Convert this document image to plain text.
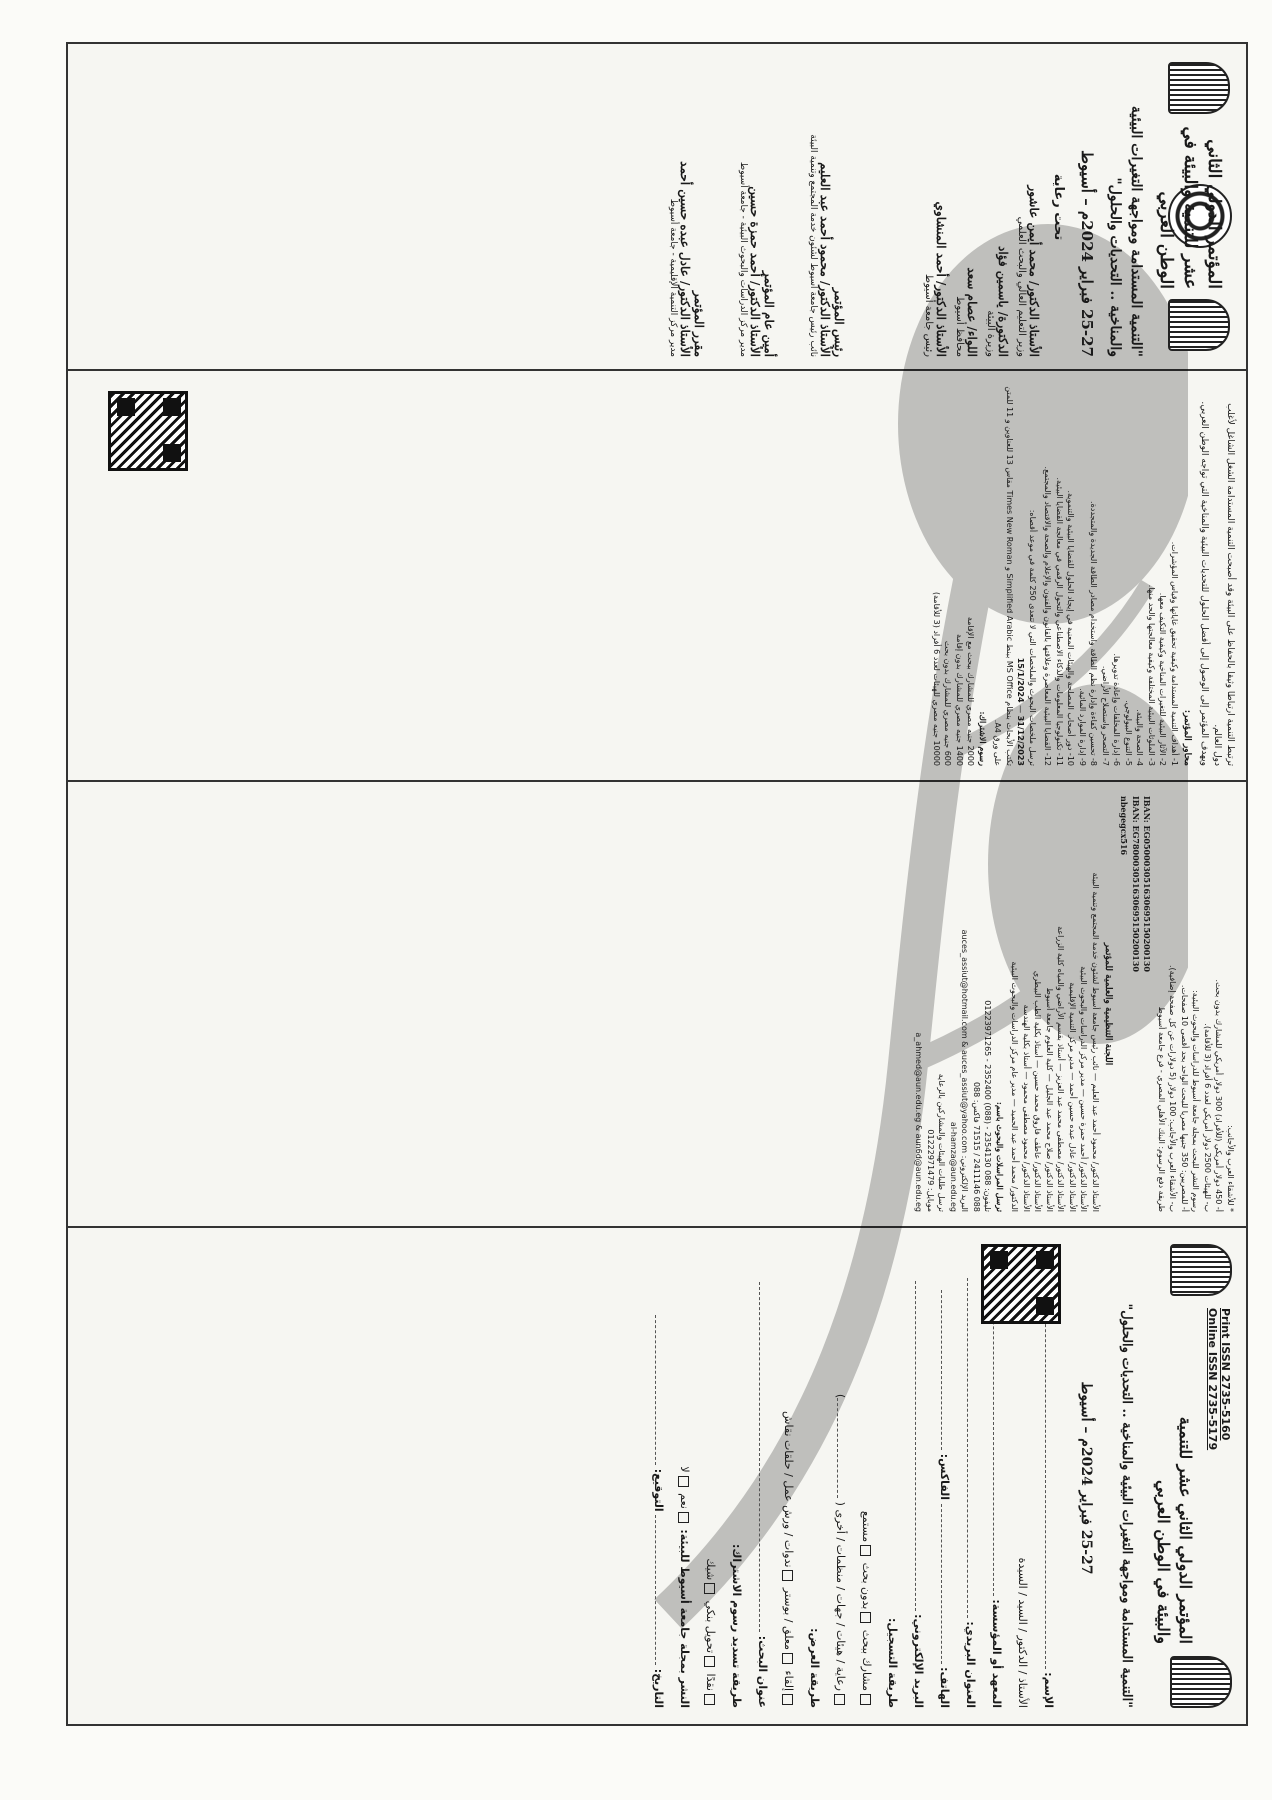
المؤتمر الدولي الثاني عشر للتنمية والبيئة في الوطن العربي
"التنمية المستدامة ومواجهة التغيرات البيئية والمناخية .. التحديات والحلول"
25-27 فبراير 2024م – أسيوط
تحت رعاية
الأستاذ الدكتور/ محمد أيمن عاشور
وزير التعليم العالي والبحث العلمي
الدكتورة/ ياسمين فؤاد
وزيرة البيئة
اللواء/ عصام سعد
محافظ أسيوط
الأستاذ الدكتور/ أحمد المنشاوي
رئيس جامعة أسيوط
رئيس المؤتمر
الأستاذ الدكتور/ محمود أحمد عبد العليم
نائب رئيس جامعة أسيوط لشئون خدمة المجتمع وتنمية البيئة
أمين عام المؤتمر
الأستاذ الدكتور/ أحمد حمزة حسين
مدير مركز الدراسات والبحوث البيئية - جامعة أسيوط
مقرر المؤتمر
الأستاذ الدكتور/ عادل عبده حسين أحمد
مدير مركز التنمية الإقليمية - جامعة أسيوط

ترتبط التنمية ارتباطا وثيقا بالحفاظ على البيئة وقد أصبحت التنمية المستدامة الشغل الشاغل لأغلب دول العالم.

ويهدف المؤتمر إلى الوصول إلى أفضل الحلول للتحديات البيئية والمناخية التي تواجه الوطن العربي.

محاور المؤتمر:

1- أهداف التنمية المستدامة وكيفية تحقيق غاياتها وقياس المؤشرات.

2- الآثار البيئية للتغيرات المناخية وكيفية التكيف معها.

3- الملوثات البيئية المختلفة وكيفية معالجتها والحد منها.

4- الصحة والبيئة.

5- التنوع البيولوجي.

6- إدارة المخلفات وإعادة تدويرها.

7- التصحر واستصلاح الأراضي.

8- تحسين كفاءة وإدارة نظم الطاقة واستخدام مصادر الطاقة الجديدة والمتجددة.

9- إدارة الموارد المائية.

10- دور أصحاب المصلحة والهيئات المعنية في إيجاد الحلول للقضايا البيئية والتنموية.

11- تكنولوجيا المعلومات والذكاء الاصطناعي والتحول الرقمي في معالجة القضايا البيئية.

12- القضايا البيئية المعاصرة وعلاقتها بالقانون والفنون والإعلام والصحة والاقتصاد والمجتمع.

ترسل ملخصات البحوث والملخصات التي لا تتعدى 250 كلمة في موعد أقصاه:

31/12/2023 — 15/1/2024

تكتب الأبحاث بنظام MS Office ببنط Simplified Arabic و Times New Roman مقاس 13 للعناوين و 11 للمتن على ورق A4.

رسوم الاشتراك:

2000 جنيه مصري للمشارك ببحث مع الإقامة

1400 جنيه مصري للمشارك بدون إقامة

600 جنيه مصري للمشارك بدون بحث

10000 جنيه مصري للهيئات لعدد 6 أفراد (3 للأقامة)

* للأشقاء العرب والأجانب:

أ- 450 دولار أمريكي (للأفراد) 300 دولار أمريكي للمشارك بدون بحث.

ب- للهيئات 2500 دولار أمريكي لعدد 6 أفراد (3 للأقامة).

رسوم النشر للبحث بمجلة جامعة أسيوط للدراسات والبحوث البيئية:

أ- للمصريين: 350 جنيها مصريا للبحث الواحد بحد أقصى 10 صفحات.

ب- الأشقاء العرب والأجانب: 100 دولار (5 دولارات عن كل صفحة إضافية).

طريقة دفع الرسوم: البنك الأهلي المصري - فرع جامعة أسيوط

IBAN: EG050003051630695150200130

IBAN: EG780003051630695150200130

nbegegcx516

اللجنة التنظيمية والعلمية للمؤتمر

الأستاذ الدكتور/ محمود أحمد عبد العليم — نائب رئيس جامعة أسيوط لشئون خدمة المجتمع وتنمية البيئة

الأستاذ الدكتور/ أحمد حمزة حسين — مدير مركز الدراسات والبحوث البيئية

الأستاذ الدكتور/ عادل عبده حسين أحمد — مدير مركز التنمية الإقليمية

الأستاذ الدكتور/ مصطفى محمد عبد العزيز — أستاذ بقسم الأراضي والمياه كلية الزراعة

الأستاذ الدكتور/ صلاح محمد عبد الجليل — كلية العلوم جامعة أسيوط

الأستاذ الدكتور/ عاطف فاروق محمد حسين — أستاذ بكلية الطب البيطري

الأستاذ الدكتور/ محمود مصطفى محمود — أستاذ بكلية الهندسة

الدكتور/ محمد أحمد عبد الحميد — مدير عام مركز الدراسات والبحوث البيئية

ترسل المراسلات والبحوث باسم:

تليفون: 088 2354130 - (088) 2352400 - 01223971265

088 2411146 / 71515 فاكس: 088

البريد الإلكتروني: auces_assiut@hotmail.com & auces_assiut@yahoo.com

al-hamza@aun.edu.eg

ترسل طلبات الهيئات والمشاركين بالرعاية

موبايل: 01222971479

a_ahmed@aun.edu.eg & aun6d@aun.edu.eg

Print ISSN 2735-5160
Online ISSN 2735-5179
المؤتمر الدولي الثاني عشر للتنمية والبيئة في الوطن العربي
"التنمية المستدامة ومواجهة التغيرات البيئية والمناخية .. التحديات والحلول"
25-27 فبراير 2024م – أسيوط
الإسم:
الأستاذ / الدكتور / السيد / السيدة
المعهد أو المؤسسة:
العنوان البريدي:
الهاتف:  الفاكس:
البريد الإلكتروني:
طريقة التسجيل:
مشارك ببحث بدون بحث مستمع
رعاية / هيئات / جهات / منظمات / أخرى ( )
طريقة العرض:
إلقاء معلق / بوستر ندوات / ورش عمل / حلقات نقاش
عنوان البحث:
طريقة تسديد رسوم الاشتراك:
نقدًا تحويل بنكي شيك
النشر بمجلة جامعة أسيوط للبيئة: نعم لا
التاريخ:  التوقيع:
